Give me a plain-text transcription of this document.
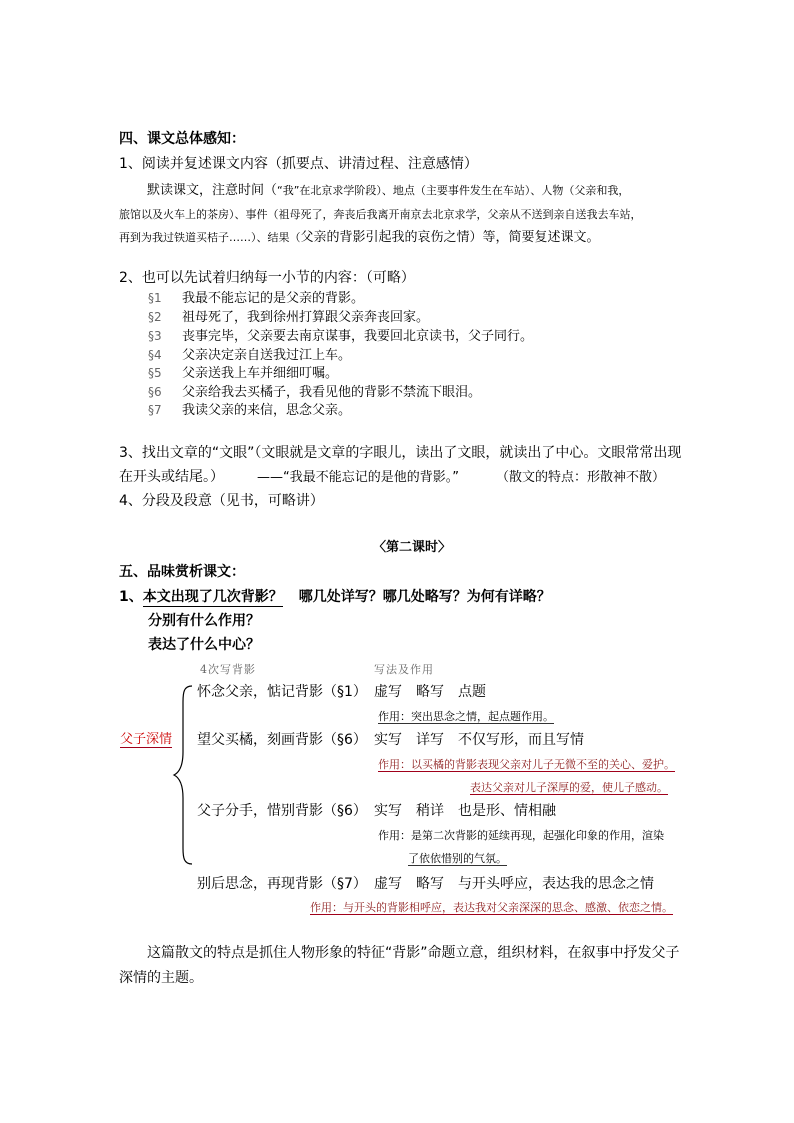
四、课文总体感知：
1、阅读并复述课文内容（抓要点、讲清过程、注意感情）
默读课文，注意时间（“我”在北京求学阶段）、地点（主要事件发生在车站）、人物（父亲和我，
旅馆以及火车上的茶房）、事件（祖母死了，奔丧后我离开南京去北京求学，父亲从不送到亲自送我去车站，
再到为我过铁道买桔子……）、结果（父亲的背影引起我的哀伤之情）等，简要复述课文。
2、也可以先试着归纳每一小节的内容：（可略）
§1 我最不能忘记的是父亲的背影。
§2 祖母死了，我到徐州打算跟父亲奔丧回家。
§3 丧事完毕，父亲要去南京谋事，我要回北京读书，父子同行。
§4 父亲决定亲自送我过江上车。
§5 父亲送我上车并细细叮嘱。
§6 父亲给我去买橘子，我看见他的背影不禁流下眼泪。
§7 我读父亲的来信，思念父亲。
3、找出文章的“文眼”（文眼就是文章的字眼儿，读出了文眼，就读出了中心。文眼常常出现
在开头或结尾。）	——“我最不能忘记的是他的背影。”	（散文的特点：形散神不散）
4、分段及段意（见书，可略讲）
〈第二课时〉
五、品味赏析课文：
1、本文出现了几次背影？ 哪几处详写？哪几处略写？为何有详略？
分别有什么作用？
表达了什么中心？
4次写背影	写法及作用
父子深情
怀念父亲，惦记背影（§1） 虚写　略写　点题
作用：突出思念之情，起点题作用。
望父买橘，刻画背影（§6） 实写　详写　不仅写形，而且写情
作用：以买橘的背影表现父亲对儿子无微不至的关心、爱护。
表达父亲对儿子深厚的爱，使儿子感动。
父子分手，惜别背影（§6） 实写　稍详　也是形、情相融
作用：是第二次背影的延续再现，起强化印象的作用，渲染
了依依惜别的气氛。
别后思念，再现背影（§7） 虚写　略写　与开头呼应，表达我的思念之情
作用：与开头的背影相呼应，表达我对父亲深深的思念、感激、依恋之情。
这篇散文的特点是抓住人物形象的特征“背影”命题立意，组织材料，在叙事中抒发父子
深情的主题。
